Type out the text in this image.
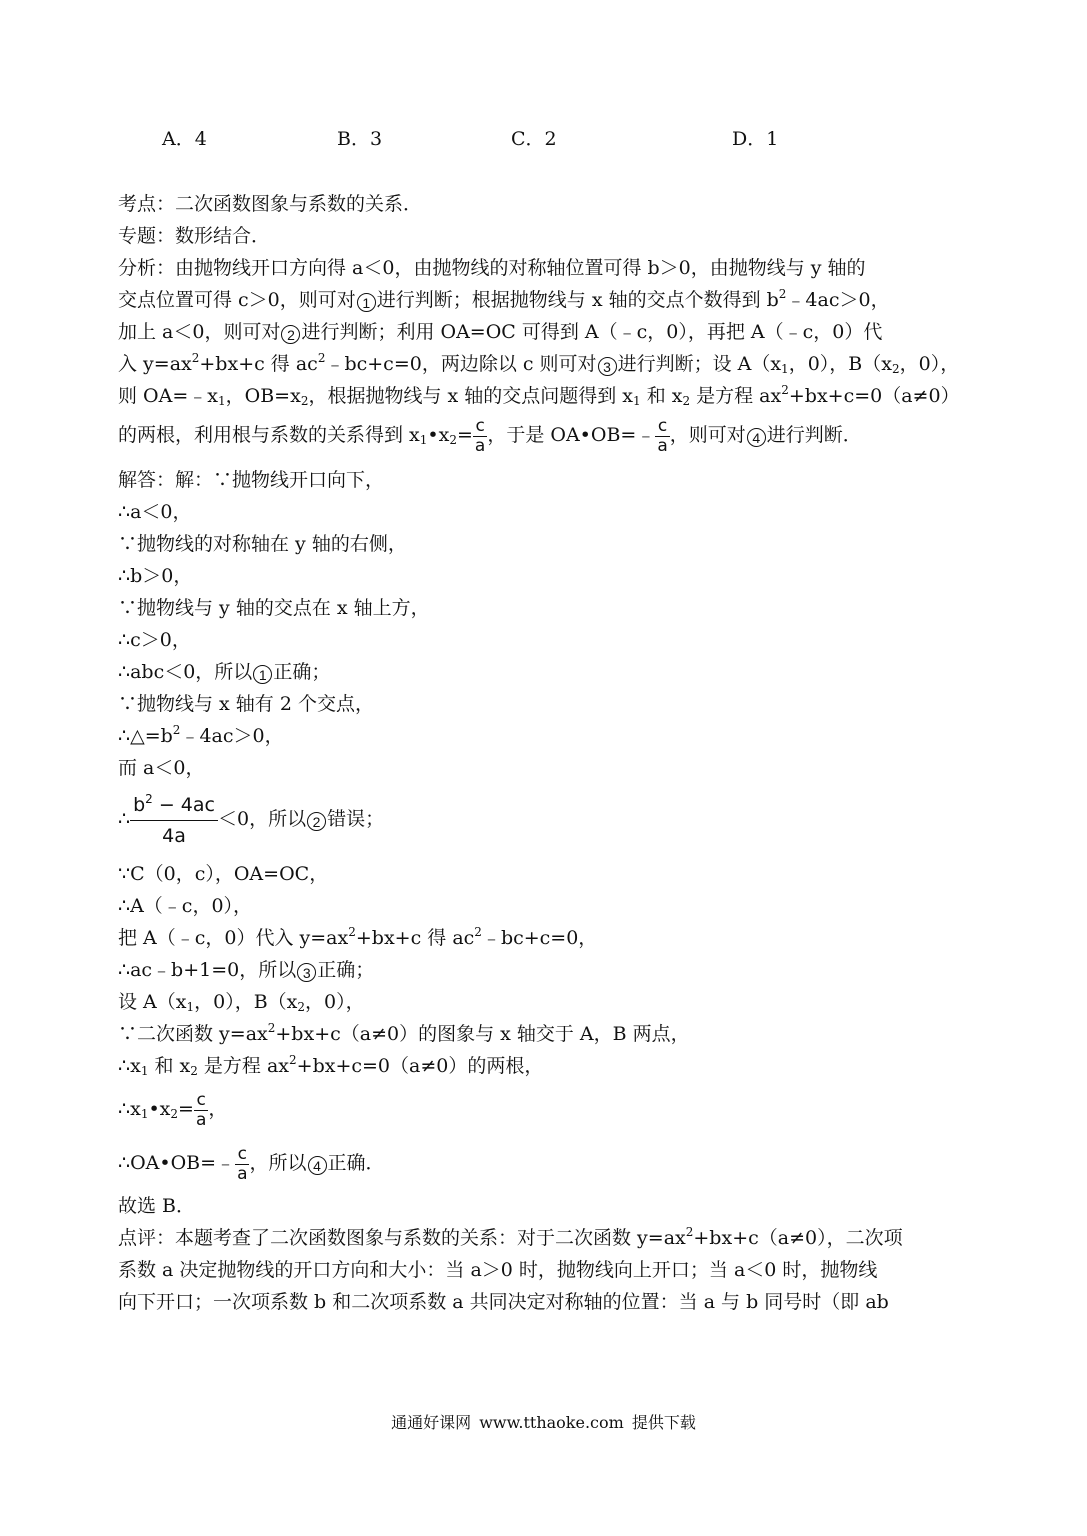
A．4	B．3	C．2	D．1
考点：二次函数图象与系数的关系．
专题：数形结合．
分析：由抛物线开口方向得 a＜0，由抛物线的对称轴位置可得 b＞0，由抛物线与 y 轴的
交点位置可得 c＞0，则可对 1 进行判断；根据抛物线与 x 轴的交点个数得到 $b^2﹣4ac>0$，
加上 a＜0，则可对 2 进行判断；利用 OA=OC 可得到 A（﹣c，0），再把 A（﹣c，0）代
入 $y=ax^2+bx+c$ 得 $ac^2﹣bc+c=0$，两边除以 c 则可对 3 进行判断；设 $A(x_1$，0），$B(x_2$，0），
则 $OA=﹣x_1$，$OB=x_2$，根据抛物线与 x 轴的交点问题得到 $x_1$ 和 $x_2$ 是方程 $ax^2+bx+c=0(a\ne 0)$
的两根，利用根与系数的关系得到 $x_1•x_2= \frac{c}{a}$ ，于是 OA•OB=﹣ $\frac{c}{a}$ ，则可对 4 进行判断．
解答：解：∵抛物线开口向下，
∴a＜0，
∵抛物线的对称轴在 y 轴的右侧，
∴b＞0，
∵抛物线与 y 轴的交点在 x 轴上方，
∴c＞0，
∴abc＜0，所以 1 正确；
∵抛物线与 x 轴有 2 个交点，
$\therefore\triangle=b^2﹣4ac>0$，
而 a＜0，
∴ $\frac{b^2 - 4ac}{4a} <0$，所以 2 错误；
∵C（0，c），OA=OC，
∴A（﹣c，0），
把 A（﹣c，0）代入 $y=ax^2+bx+c$ 得 $ac^2﹣bc+c=0$，
∴ac﹣b+1=0，所以 3 正确；
设 $A(x_1$，0），$B(x_2$，0），
∵二次函数 $y=ax^2+bx+c(a\ne 0)$的图象与 x 轴交于 A，B 两点，
$\therefore x_1$ 和 $x_2$ 是方程 $ax^2+bx+c=0(a\ne 0)$的两根，
$\therefore x_1•x_2= \frac{c}{a}$ ，
∴OA•OB=﹣ $\frac{c}{a}$ ，所以 4 正确．
故选 B．
点评：本题考查了二次函数图象与系数的关系：对于二次函数 $y=ax^2+bx+c(a\ne 0)$，二次项
系数 a 决定抛物线的开口方向和大小：当 a＞0 时，抛物线向上开口；当 a＜0 时，抛物线
向下开口；一次项系数 b 和二次项系数 a 共同决定对称轴的位置：当 a 与 b 同号时（即 ab
通通好课网 www.tthaoke.com 提供下载
